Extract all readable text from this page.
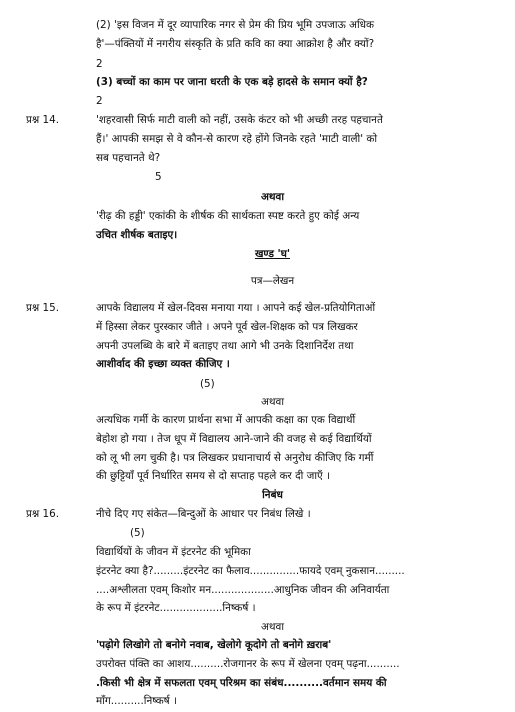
(2) 'इस विजन में दूर व्यापारिक नगर से प्रेम की प्रिय भूमि उपजाऊ अधिक
है'—पंक्तियों में नगरीय संस्कृति के प्रति कवि का क्या आक्रोश है और क्यों?
2
(3) बच्चों का काम पर जाना धरती के एक बड़े हादसे के समान क्यों है?
2
प्रश्न 14.	'शहरवासी सिर्फ माटी वाली को नहीं, उसके कंटर को भी अच्छी तरह पहचानते
हैं।' आपकी समझ से वे कौन-से कारण रहे होंगे जिनके रहते 'माटी वाली' को
सब पहचानते थे?
5
अथवा
'रीढ़ की हड्डी' एकांकी के शीर्षक की सार्थकता स्पष्ट करते हुए कोई अन्य
उचित शीर्षक बताइए।
खण्ड 'घ'
पत्र—लेखन
प्रश्न 15.	आपके विद्यालय में खेल-दिवस मनाया गया । आपने कई खेल-प्रतियोगिताओं
में हिस्सा लेकर पुरस्कार जीते । अपने पूर्व खेल-शिक्षक को पत्र लिखकर
अपनी उपलब्धि के बारे में बताइए तथा आगे भी उनके दिशानिर्देश तथा
आशीर्वाद की इच्छा व्यक्त कीजिए ।
(5)
अथवा
अत्यधिक गर्मी के कारण प्रार्थना सभा में आपकी कक्षा का एक विद्यार्थी
बेहोश हो गया । तेज धूप में विद्यालय आने-जाने की वजह से कई विद्यार्थियों
को लू भी लग चुकी है। पत्र लिखकर प्रधानाचार्य से अनुरोध कीजिए कि गर्मी
की छुट्टियाँ पूर्व निर्धारित समय से दो सप्ताह पहले कर दी जाएँ ।
निबंध
प्रश्न 16.	नीचे दिए गए संकेत—बिन्दुओं के आधार पर निबंध लिखे ।
(5)
विद्यार्थियों के जीवन में इंटरनेट की भूमिका
इंटरनेट क्या है?.........इंटरनेट का फैलाव...............फायदे एवम् नुकसान.........
....अश्लीलता एवम् किशोर मन...................आधुनिक जीवन की अनिवार्यता
के रूप में इंटरनेट...................निष्कर्ष ।
अथवा
'पढ़ोगे लिखोगे तो बनोगे नवाब, खेलोगे कूदोगे तो बनोगे ख़राब'
उपरोक्त पंक्ति का आशय..........रोजगानर के रूप में खेलना एवम् पढ़ना..........
.किसी भी क्षेत्र में सफलता एवम् परिश्रम का संबंध..........वर्तमान समय की
माँग..........निष्कर्ष ।
